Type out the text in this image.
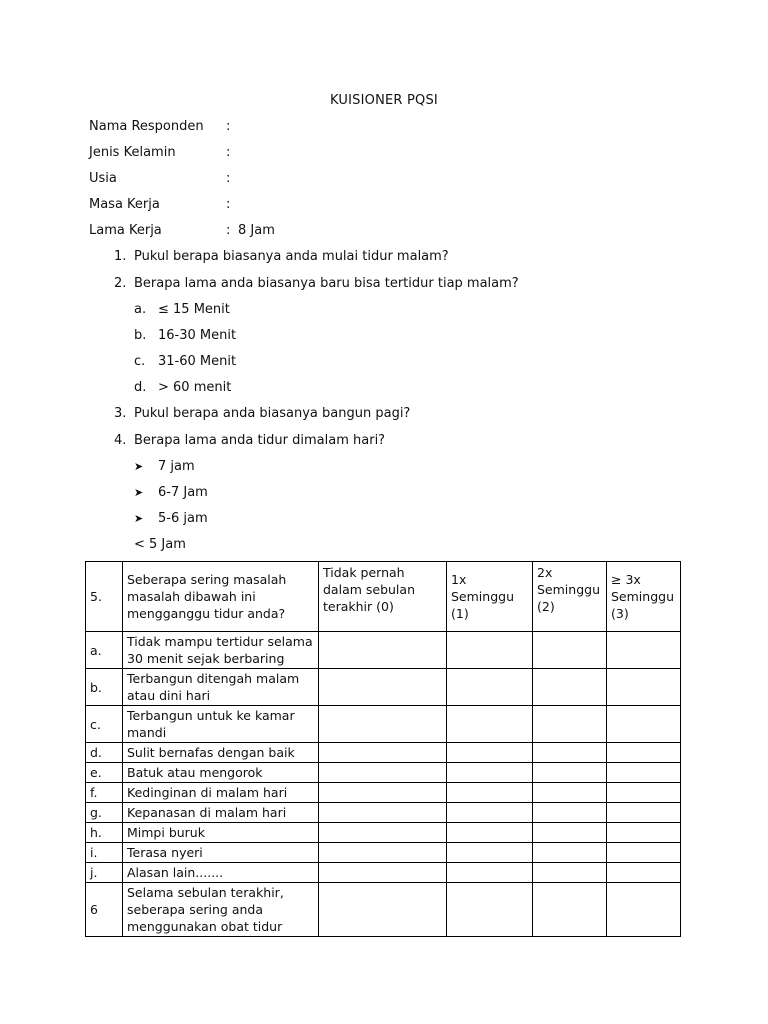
KUISIONER PQSI
Nama Responden :
Jenis Kelamin	:
Usia	:
Masa Kerja	:
Lama Kerja	: 8 Jam
1. Pukul berapa biasanya anda mulai tidur malam?
2. Berapa lama anda biasanya baru bisa tertidur tiap malam?
a. ≤ 15 Menit
b. 16-30 Menit
c. 31-60 Menit
d. > 60 menit
3. Pukul berapa anda biasanya bangun pagi?
4. Berapa lama anda tidur dimalam hari?
➤ 7 jam
➤ 6-7 Jam
➤ 5-6 jam
< 5 Jam
5.	Seberapa sering masalah masalah dibawah ini mengganggu tidur anda?	Tidak pernah dalam sebulan terakhir (0)	1x Seminggu (1)	2x Seminggu (2)	≥ 3x Seminggu (3)
a.	Tidak mampu tertidur selama 30 menit sejak berbaring				
b.	Terbangun ditengah malam atau dini hari				
c.	Terbangun untuk ke kamar mandi				
d.	Sulit bernafas dengan baik				
e.	Batuk atau mengorok				
f.	Kedinginan di malam hari				
g.	Kepanasan di malam hari				
h.	Mimpi buruk				
i.	Terasa nyeri				
j.	Alasan lain.......				
6	Selama sebulan terakhir, seberapa sering anda menggunakan obat tidur				
